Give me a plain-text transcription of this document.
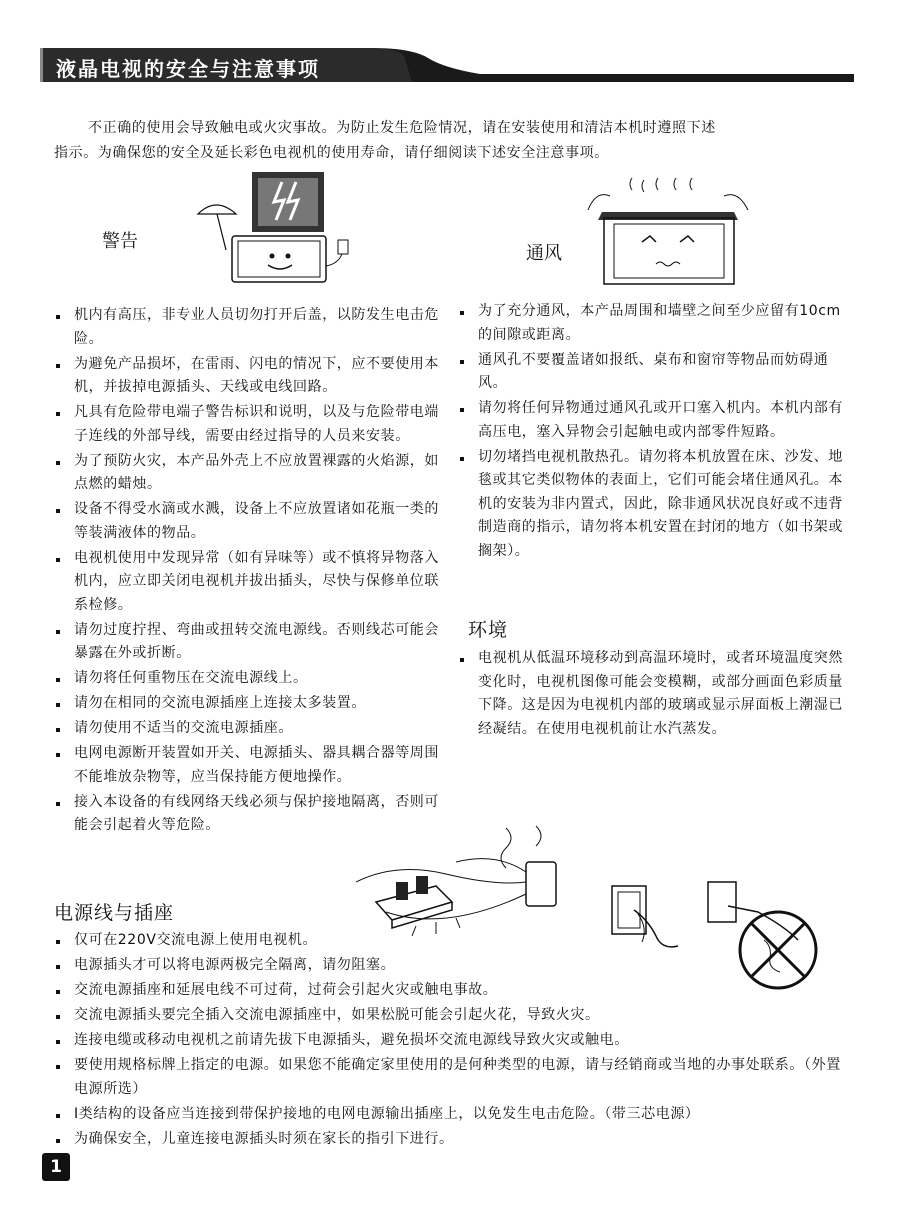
液晶电视的安全与注意事项

不正确的使用会导致触电或火灾事故。为防止发生危险情况，请在安装使用和清洁本机时遵照下述

指示。为确保您的安全及延长彩色电视机的使用寿命，请仔细阅读下述安全注意事项。
警告
机内有高压，非专业人员切勿打开后盖，以防发生电击危险。
为避免产品损坏，在雷雨、闪电的情况下，应不要使用本机，并拔掉电源插头、天线或电线回路。
凡具有危险带电端子警告标识和说明，以及与危险带电端子连线的外部导线，需要由经过指导的人员来安装。
为了预防火灾，本产品外壳上不应放置裸露的火焰源，如点燃的蜡烛。
设备不得受水滴或水溅，设备上不应放置诸如花瓶一类的等装满液体的物品。
电视机使用中发现异常（如有异味等）或不慎将异物落入机内，应立即关闭电视机并拔出插头，尽快与保修单位联系检修。
请勿过度拧捏、弯曲或扭转交流电源线。否则线芯可能会暴露在外或折断。
请勿将任何重物压在交流电源线上。
请勿在相同的交流电源插座上连接太多装置。
请勿使用不适当的交流电源插座。
电网电源断开装置如开关、电源插头、器具耦合器等周围不能堆放杂物等，应当保持能方便地操作。
接入本设备的有线网络天线必须与保护接地隔离，否则可能会引起着火等危险。
通风
为了充分通风，本产品周围和墙壁之间至少应留有10cm的间隙或距离。
通风孔不要覆盖诸如报纸、桌布和窗帘等物品而妨碍通风。
请勿将任何异物通过通风孔或开口塞入机内。本机内部有高压电，塞入异物会引起触电或内部零件短路。
切勿堵挡电视机散热孔。请勿将本机放置在床、沙发、地毯或其它类似物体的表面上，它们可能会堵住通风孔。本机的安装为非内置式，因此，除非通风状况良好或不违背制造商的指示，请勿将本机安置在封闭的地方（如书架或搁架）。
环境
电视机从低温环境移动到高温环境时，或者环境温度突然变化时，电视机图像可能会变模糊，或部分画面色彩质量下降。这是因为电视机内部的玻璃或显示屏面板上潮湿已经凝结。在使用电视机前让水汽蒸发。
电源线与插座
仅可在220V交流电源上使用电视机。
电源插头才可以将电源两极完全隔离，请勿阻塞。
交流电源插座和延展电线不可过荷，过荷会引起火灾或触电事故。
交流电源插头要完全插入交流电源插座中，如果松脱可能会引起火花，导致火灾。
连接电缆或移动电视机之前请先拔下电源插头，避免损坏交流电源线导致火灾或触电。
要使用规格标牌上指定的电源。如果您不能确定家里使用的是何种类型的电源，请与经销商或当地的办事处联系。（外置电源所选）
Ⅰ类结构的设备应当连接到带保护接地的电网电源输出插座上，以免发生电击危险。（带三芯电源）
为确保安全，儿童连接电源插头时须在家长的指引下进行。
1
